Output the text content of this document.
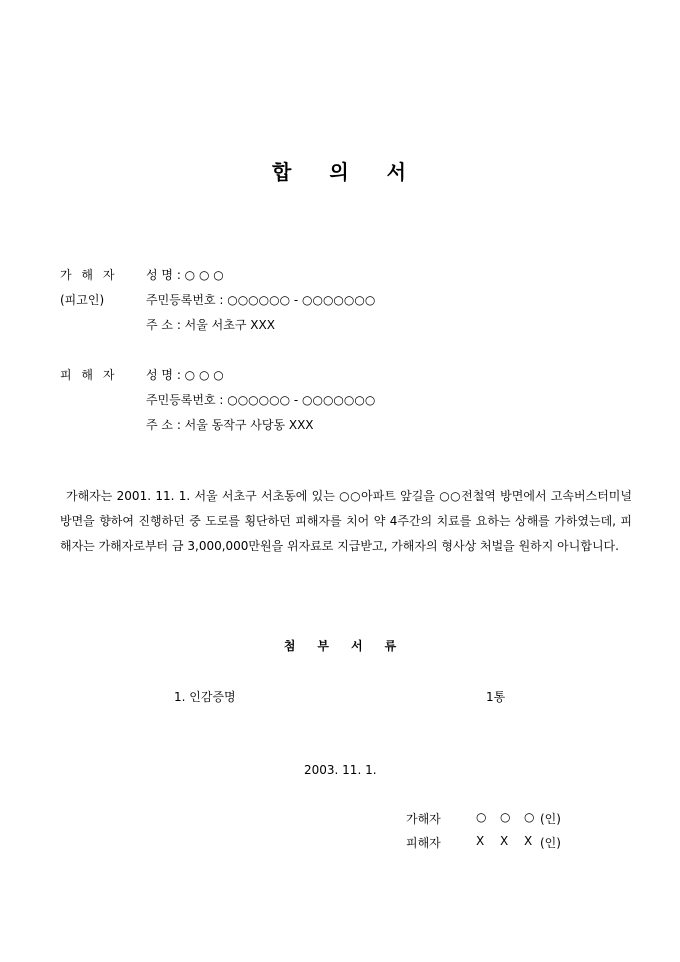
합 의 서
가 해 자
(피고인)
성 명 : ○ ○ ○
주민등록번호 : ○○○○○○ - ○○○○○○○
주 소 : 서울 서초구 XXX
피 해 자 성 명 : ○ ○ ○
주민등록번호 : ○○○○○○ - ○○○○○○○
주 소 : 서울 동작구 사당동 XXX

가해자는 2001. 11. 1. 서울 서초구 서초동에 있는 ○○아파트 앞길을 ○○전철역 방면에서 고속버스터미널 방면을 향하여 진행하던 중 도로를 횡단하던 피해자를 치어 약 4주간의 치료를 요하는 상해를 가하였는데, 피해자는 가해자로부터 금 3,000,000만원을 위자료로 지급받고, 가해자의 형사상 처벌을 원하지 아니합니다.

첨 부 서 류
1. 인감증명	1통
2003. 11. 1.
가해자	○ ○ ○ (인)
피해자	X X X (인)
